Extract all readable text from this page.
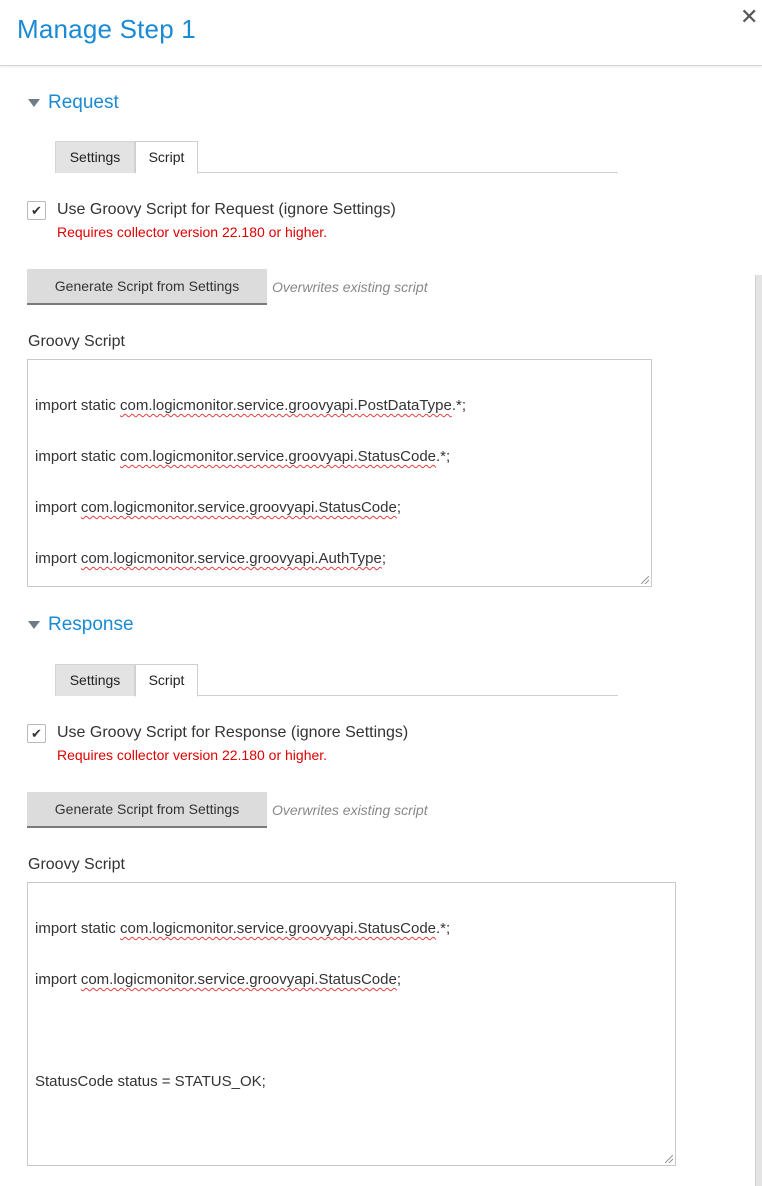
Manage Step 1	✕
Request
Settings	Script
✔ Use Groovy Script for Request (ignore Settings)
Requires collector version 22.180 or higher.
Generate Script from Settings	Overwrites existing script
Groovy Script

import static com.logicmonitor.service.groovyapi.PostDataType.*;

import static com.logicmonitor.service.groovyapi.StatusCode.*;

import com.logicmonitor.service.groovyapi.StatusCode;

import com.logicmonitor.service.groovyapi.AuthType;

Response
Settings	Script
✔ Use Groovy Script for Response (ignore Settings)
Requires collector version 22.180 or higher.
Generate Script from Settings	Overwrites existing script
Groovy Script

import static com.logicmonitor.service.groovyapi.StatusCode.*;

import com.logicmonitor.service.groovyapi.StatusCode;

StatusCode status = STATUS_OK;
